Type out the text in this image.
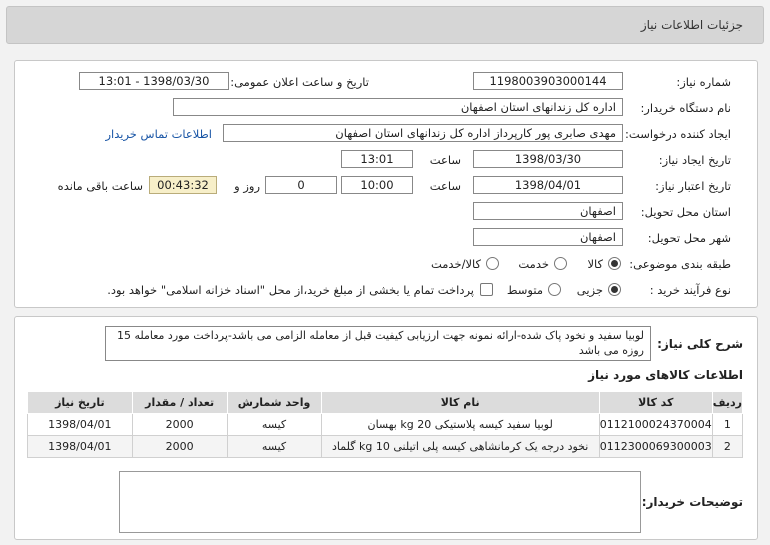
جزئیات اطلاعات نیاز
شماره نیاز:
1198003903000144
تاریخ و ساعت اعلان عمومی:
1398/03/30 - 13:01
نام دستگاه خریدار:
اداره کل زندانهای استان اصفهان
ایجاد کننده درخواست:
مهدی صابری پور کارپرداز اداره کل زندانهای استان اصفهان
اطلاعات تماس خریدار
تاریخ ایجاد نیاز:
1398/03/30
ساعت
13:01
تاریخ اعتبار نیاز:
1398/04/01
ساعت
10:00
0
روز و
00:43:32
ساعت باقی مانده
استان محل تحویل:
اصفهان
شهر محل تحویل:
اصفهان
طبقه بندی موضوعی:
کالا
خدمت
کالا/خدمت
نوع فرآیند خرید :
جزیی
متوسط
پرداخت تمام یا بخشی از مبلغ خرید،از محل "اسناد خزانه اسلامی" خواهد بود.
شرح کلی نیاز:
لوبیا سفید و نخود پاک شده-ارائه نمونه جهت ارزیابی کیفیت قبل از معامله الزامی می باشد-پرداخت مورد معامله 15 روزه می باشد
اطلاعات کالاهای مورد نیاز
ردیف	کد کالا	نام کالا	واحد شمارش	تعداد / مقدار	تاریخ نیاز
1	0112100024370004	لوبیا سفید کیسه پلاستیکی 20 kg بهسان	کیسه	2000	1398/04/01
2	0112300069300003	نخود درجه یک کرمانشاهی کیسه پلی اتیلنی 10 kg گلماد	کیسه	2000	1398/04/01
توضیحات خریدار:
